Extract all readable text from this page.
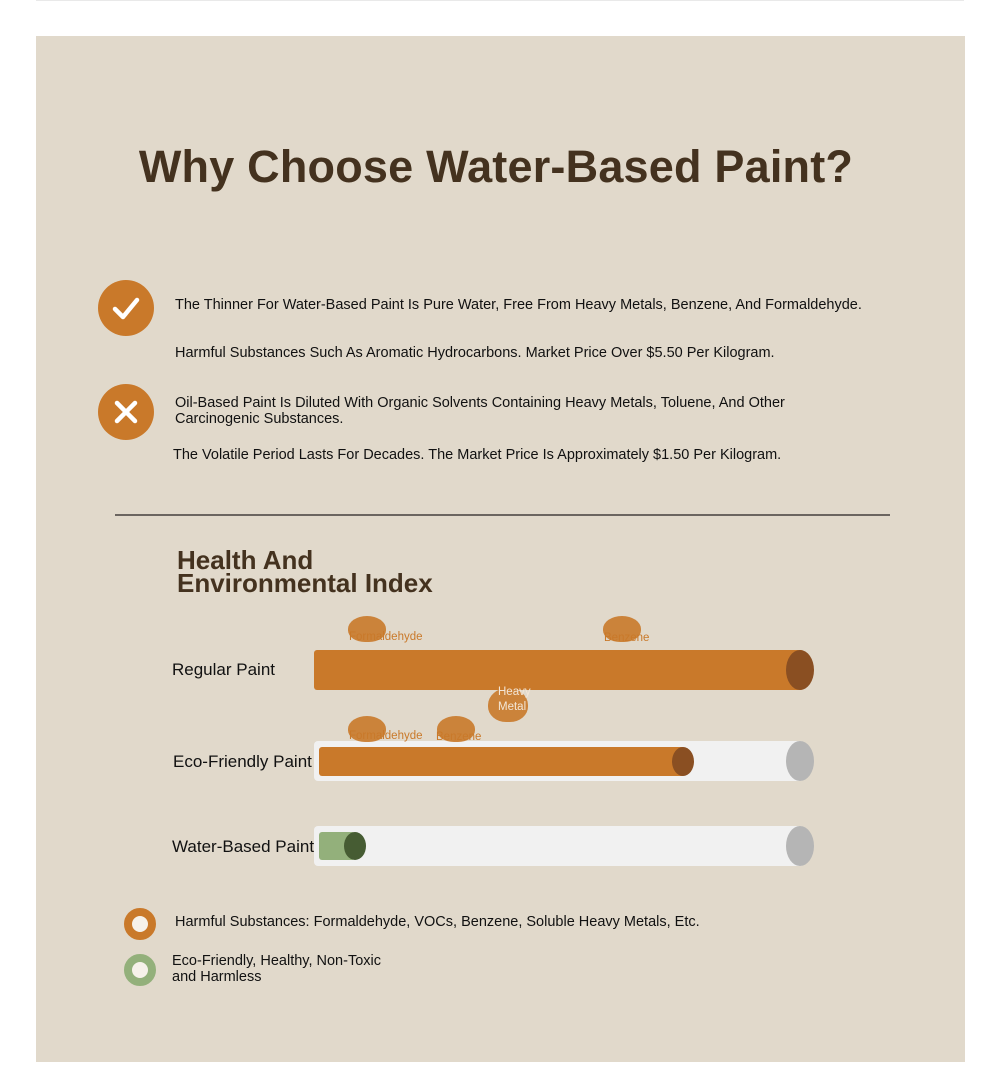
Why Choose Water-Based Paint?
The Thinner For Water-Based Paint Is Pure Water, Free From Heavy Metals, Benzene, And Formaldehyde.
Harmful Substances Such As Aromatic Hydrocarbons. Market Price Over $5.50 Per Kilogram.
Oil-Based Paint Is Diluted With Organic Solvents Containing Heavy Metals, Toluene, And Other Carcinogenic Substances.
The Volatile Period Lasts For Decades. The Market Price Is Approximately $1.50 Per Kilogram.
Health And Environmental Index
Regular Paint
Formaldehyde	Benzene
Heavy Metal
Eco-Friendly Paint
Formaldehyde Benzene
Water-Based Paint
Harmful Substances: Formaldehyde, VOCs, Benzene, Soluble Heavy Metals, Etc.
Eco-Friendly, Healthy, Non-Toxic and Harmless
